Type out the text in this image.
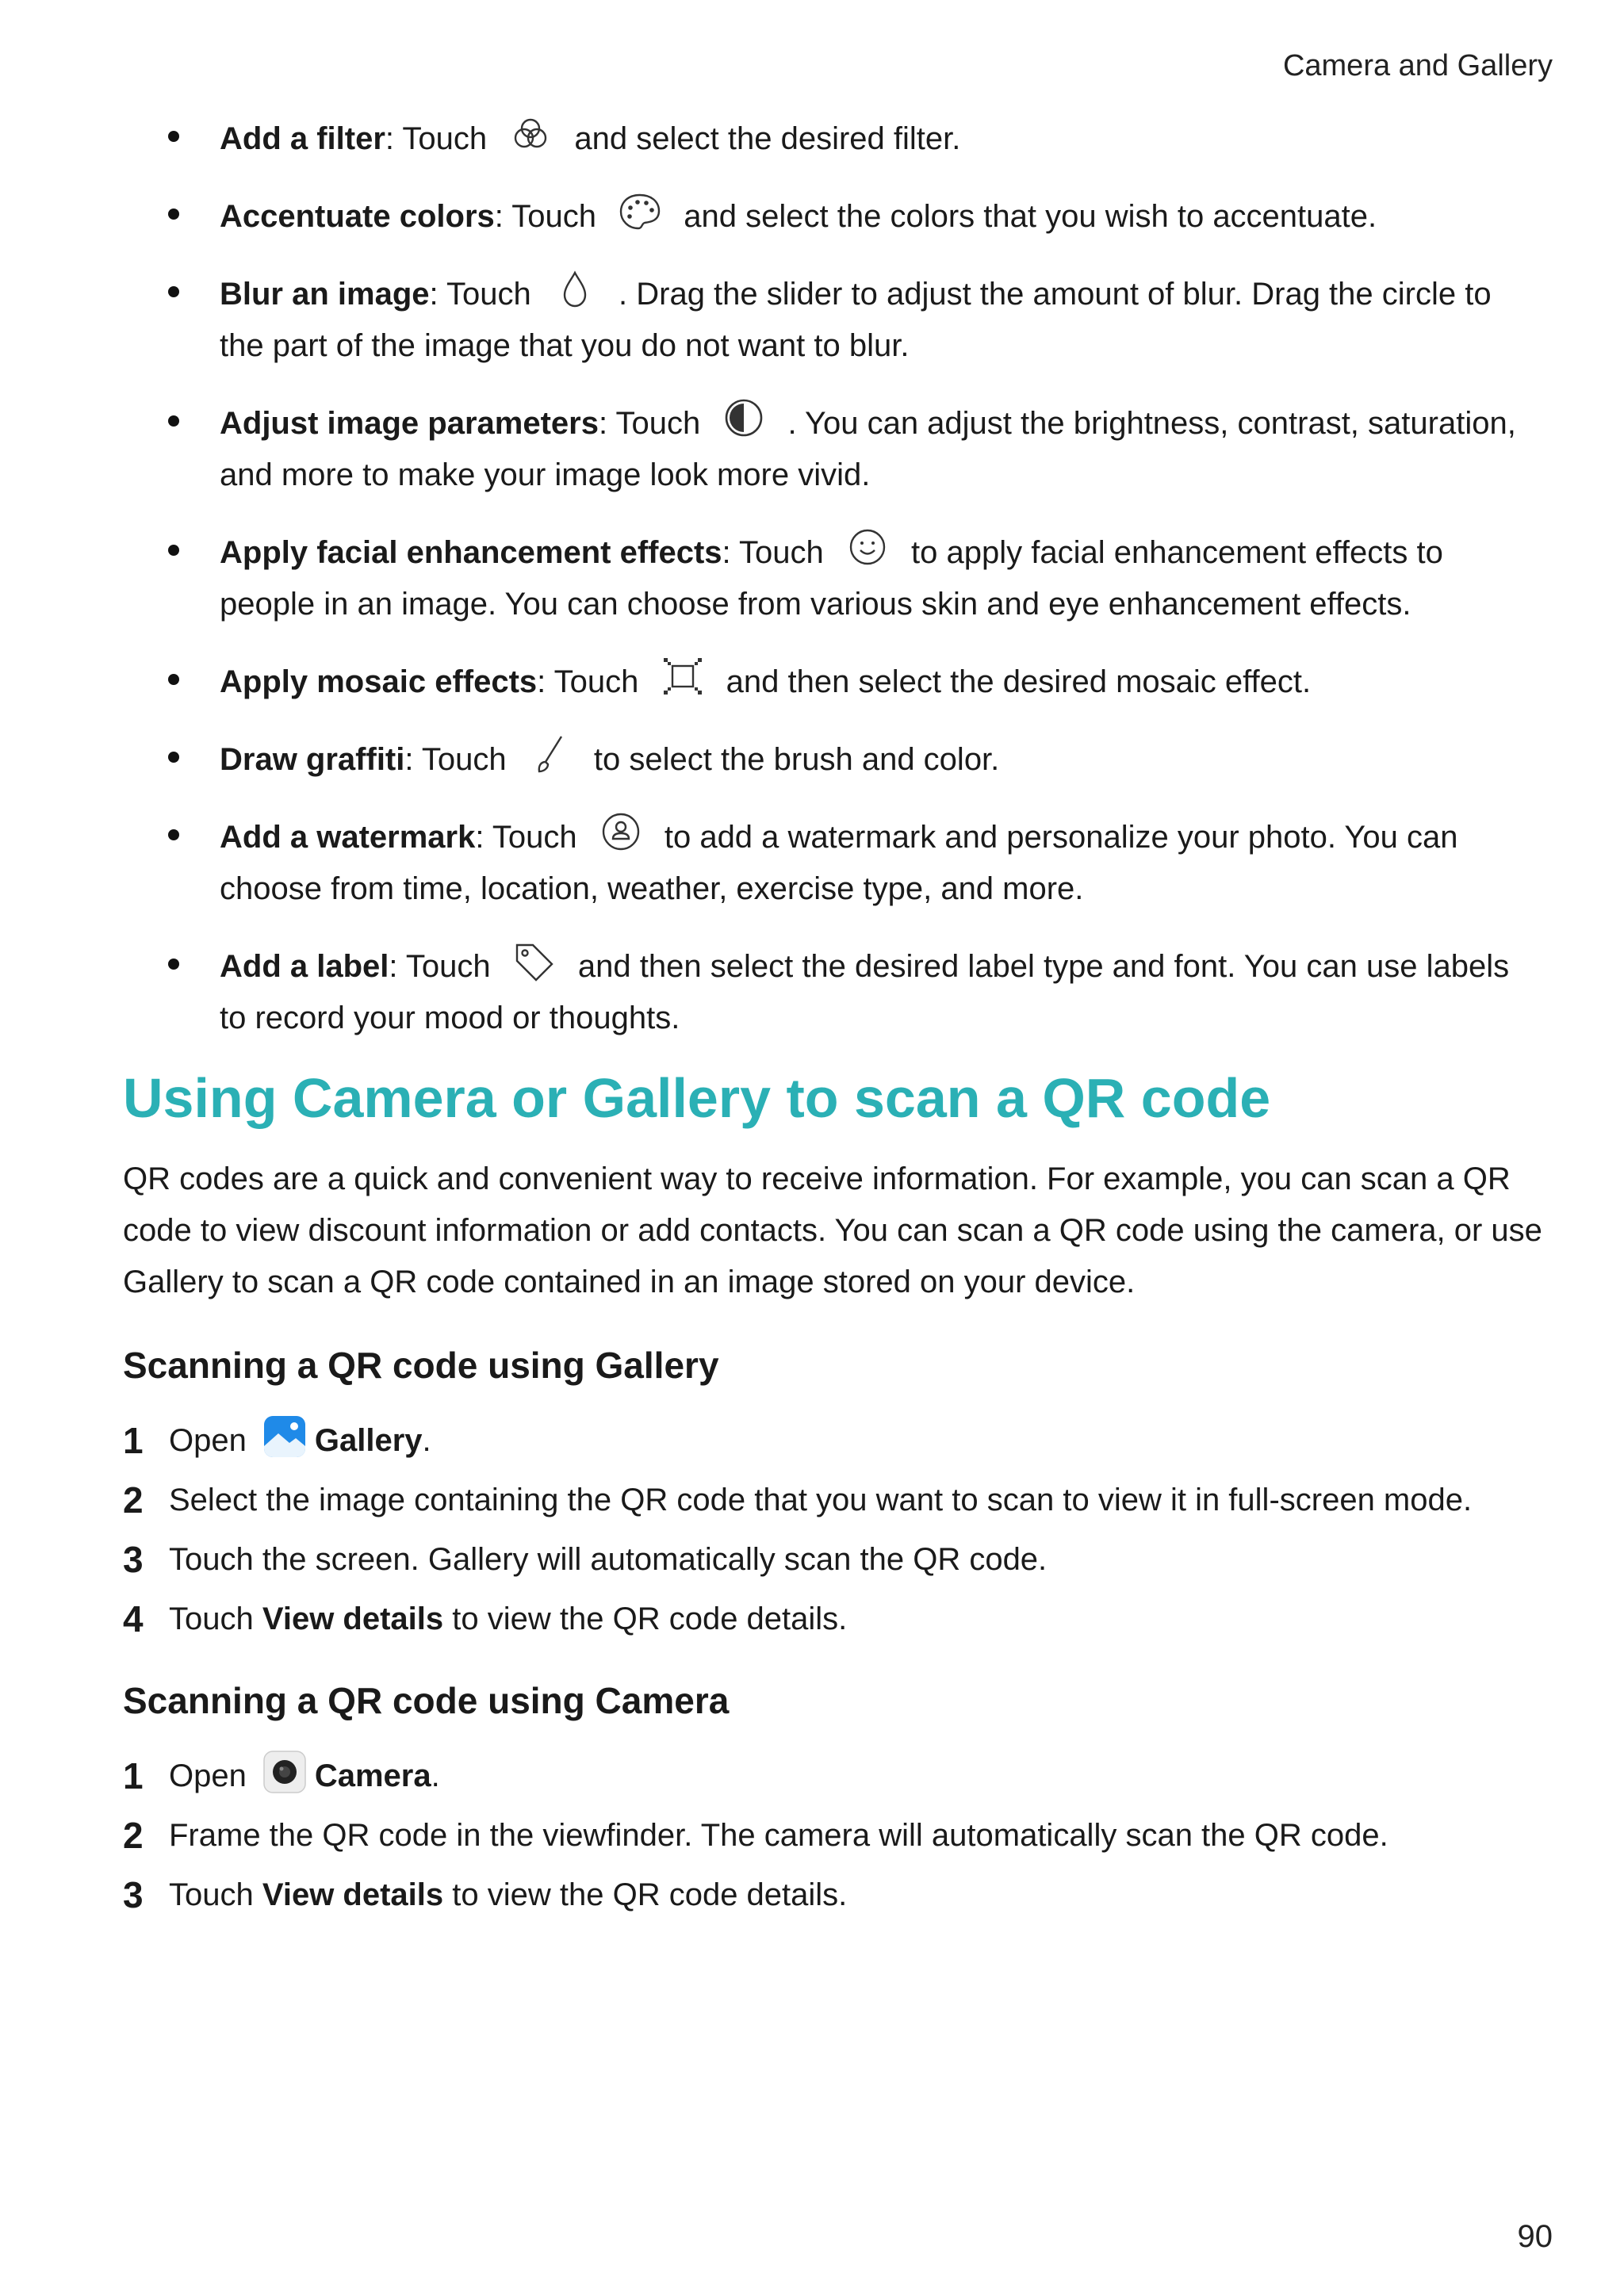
Camera and Gallery
Add a filter: Touch	and select the desired filter.
Accentuate colors: Touch	and select the colors that you wish to accentuate.
Blur an image: Touch	. Drag the slider to adjust the amount of blur. Drag the circle to the part of the image that you do not want to blur.
Adjust image parameters: Touch	. You can adjust the brightness, contrast, saturation, and more to make your image look more vivid.
Apply facial enhancement effects: Touch	to apply facial enhancement effects to people in an image. You can choose from various skin and eye enhancement effects.
Apply mosaic effects: Touch	and then select the desired mosaic effect.
Draw graffiti: Touch	to select the brush and color.
Add a watermark: Touch	to add a watermark and personalize your photo. You can choose from time, location, weather, exercise type, and more.
Add a label: Touch	and then select the desired label type and font. You can use labels to record your mood or thoughts.
Using Camera or Gallery to scan a QR code

QR codes are a quick and convenient way to receive information. For example, you can scan a QR code to view discount information or add contacts. You can scan a QR code using the camera, or use Gallery to scan a QR code contained in an image stored on your device.

Scanning a QR code using Gallery
1 Open Gallery.
2 Select the image containing the QR code that you want to scan to view it in full-screen mode.
3 Touch the screen. Gallery will automatically scan the QR code.
4 Touch View details to view the QR code details.
Scanning a QR code using Camera
1 Open Camera.
2 Frame the QR code in the viewfinder. The camera will automatically scan the QR code.
3 Touch View details to view the QR code details.
90
